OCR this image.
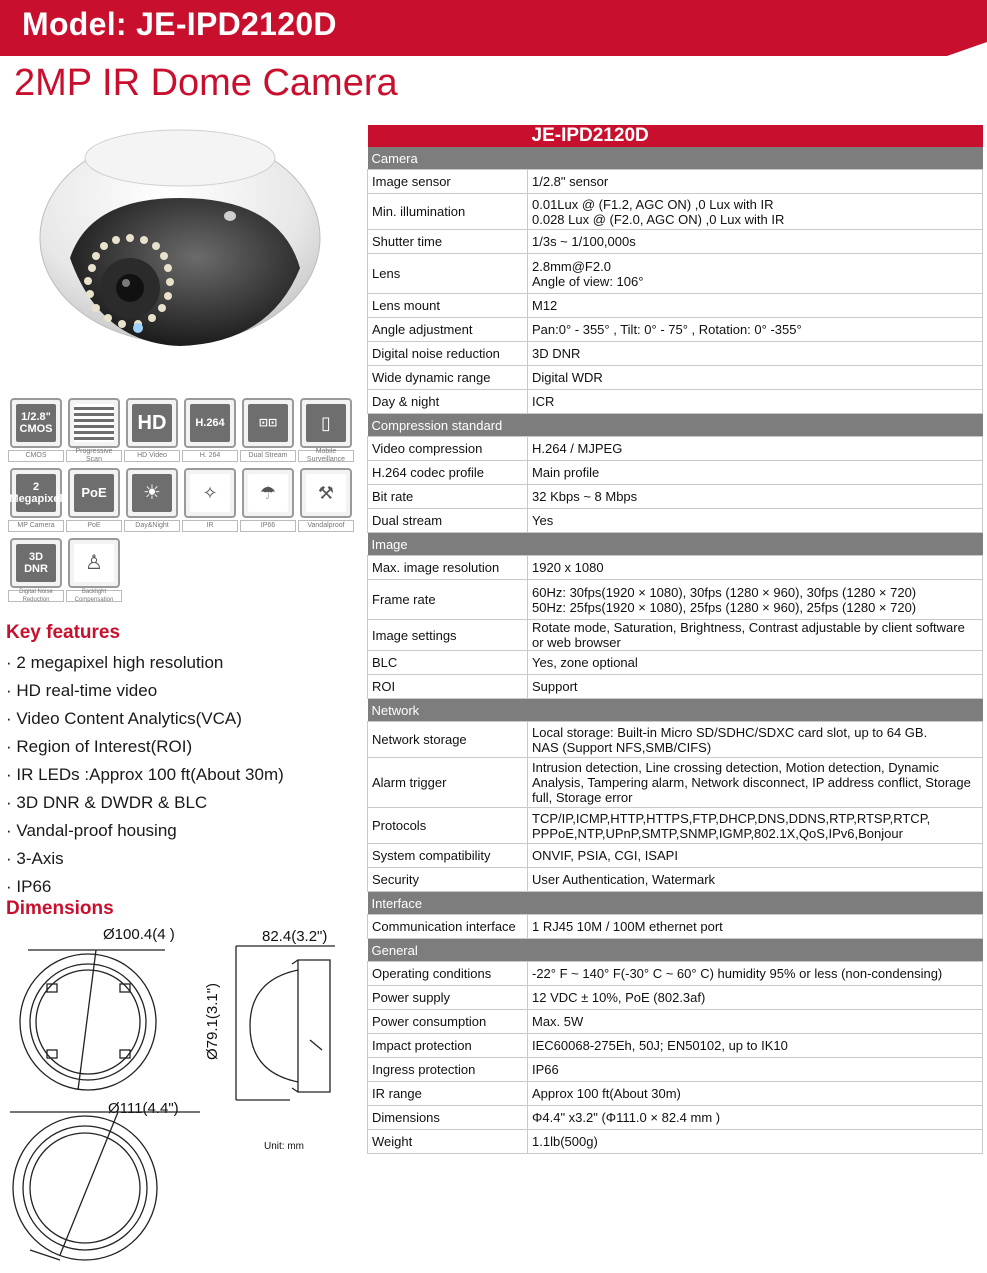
Model: JE-IPD2120D
2MP IR Dome Camera
1/2.8"
CMOS
CMOS
Progressive Scan
HD
HD Video
H.264
H. 264
⊡⊡
Dual Stream
▯
Mobile Surveillance
2
Megapixel
MP Camera
PoE
PoE
☀
Day&Night
✧
IR
☂
IP66
⚒
Vandalproof
3D
DNR
Digital Noise Reduction
♙
Backlight Compensation
Key features
· 2 megapixel high resolution
· HD real-time video
· Video Content Analytics(VCA)
· Region of Interest(ROI)
· IR LEDs :Approx 100 ft(About 30m)
· 3D DNR & DWDR & BLC
· Vandal-proof housing
· 3-Axis
· IP66
Dimensions
Ø100.4(4 )	82.4(3.2")
Ø111(4.4")
Ø79.1(3.1")
Unit: mm
	JE-IPD2120D
Camera	
Image sensor	1/2.8" sensor
Min. illumination	0.01Lux @ (F1.2, AGC ON) ,0 Lux with IR
0.028 Lux @ (F2.0, AGC ON) ,0 Lux with IR
Shutter time	1/3s ~ 1/100,000s
Lens	2.8mm@F2.0
Angle of view: 106°
Lens mount	M12
Angle adjustment	Pan:0° - 355° , Tilt: 0° - 75° , Rotation: 0° -355°
Digital noise reduction	3D DNR
Wide dynamic range	Digital WDR
Day & night	ICR
Compression standard	
Video compression	H.264 / MJPEG
H.264 codec profile	Main profile
Bit rate	32 Kbps ~ 8 Mbps
Dual stream	Yes
Image	
Max. image resolution	1920 x 1080
Frame rate	60Hz: 30fps(1920 × 1080), 30fps (1280 × 960), 30fps (1280 × 720)
50Hz: 25fps(1920 × 1080), 25fps (1280 × 960), 25fps (1280 × 720)
Image settings	Rotate mode, Saturation, Brightness, Contrast adjustable by client software or web browser
BLC	Yes, zone optional
ROI	Support
Network	
Network storage	Local storage: Built-in Micro SD/SDHC/SDXC card slot, up to 64 GB.
NAS (Support NFS,SMB/CIFS)
Alarm trigger	Intrusion detection, Line crossing detection, Motion detection, Dynamic Analysis, Tampering alarm, Network disconnect, IP address conflict, Storage full, Storage error
Protocols	TCP/IP,ICMP,HTTP,HTTPS,FTP,DHCP,DNS,DDNS,RTP,RTSP,RTCP,
PPPoE,NTP,UPnP,SMTP,SNMP,IGMP,802.1X,QoS,IPv6,Bonjour
System compatibility	ONVIF, PSIA, CGI, ISAPI
Security	User Authentication, Watermark
Interface	
Communication interface	1 RJ45 10M / 100M ethernet port
General	
Operating conditions	-22° F ~ 140° F(-30° C ~ 60° C) humidity 95% or less (non-condensing)
Power supply	12 VDC ± 10%, PoE (802.3af)
Power consumption	Max. 5W
Impact protection	IEC60068-275Eh, 50J; EN50102, up to IK10
Ingress protection	IP66
IR range	Approx 100 ft(About 30m)
Dimensions	Φ4.4" x3.2" (Φ111.0 × 82.4 mm )
Weight	1.1lb(500g)
